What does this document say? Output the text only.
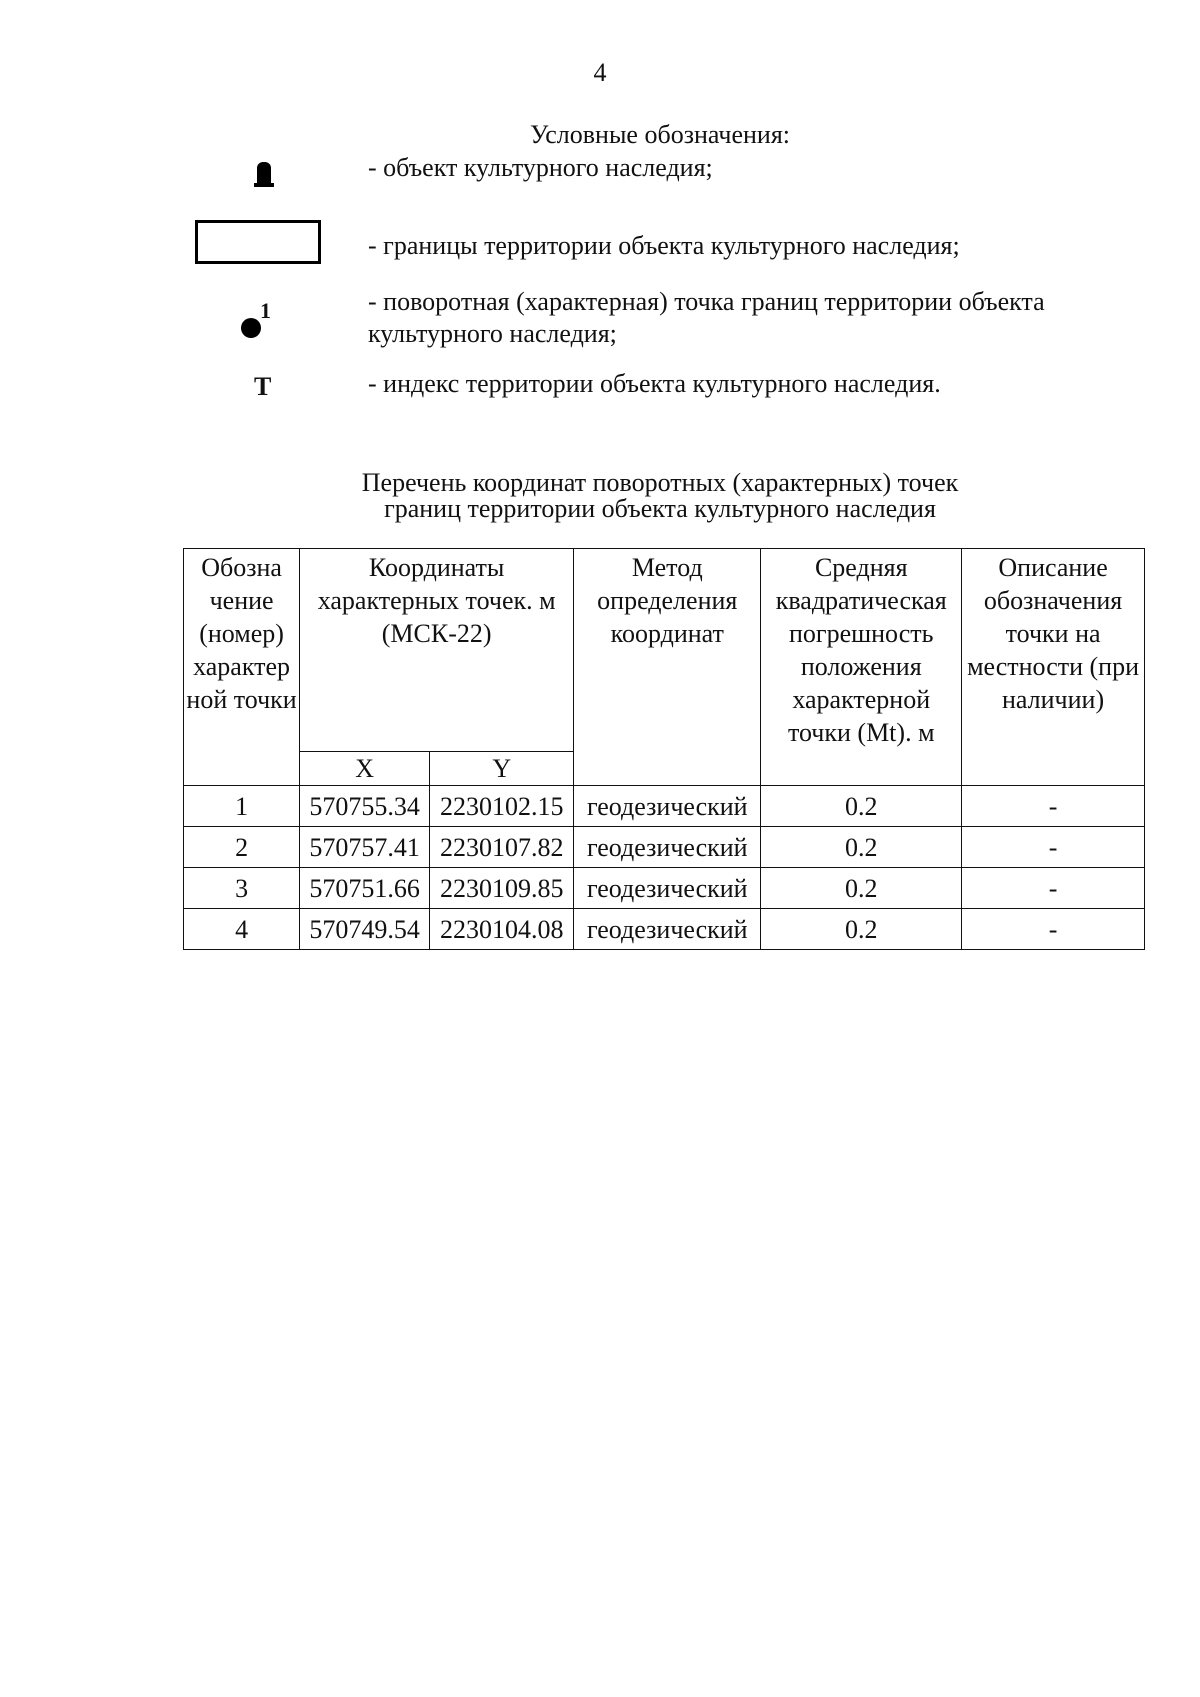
4
Условные обозначения:
- объект культурного наследия;
- границы территории объекта культурного наследия;
1	- поворотная (характерная) точка границ территории объекта культурного наследия;
Т	- индекс территории объекта культурного наследия.
Перечень координат поворотных (характерных) точек
границ территории объекта культурного наследия
Обозна чение (номер) характер ной точки	Координаты характерных точек. м (МСК-22)		Метод определения координат	Средняя квадратическая погрешность положения характерной точки (Mt). м	Описание обозначения точки на местности (при наличии)
	X	Y			
1	570755.34	2230102.15	геодезический	0.2	-
2	570757.41	2230107.82	геодезический	0.2	-
3	570751.66	2230109.85	геодезический	0.2	-
4	570749.54	2230104.08	геодезический	0.2	-
